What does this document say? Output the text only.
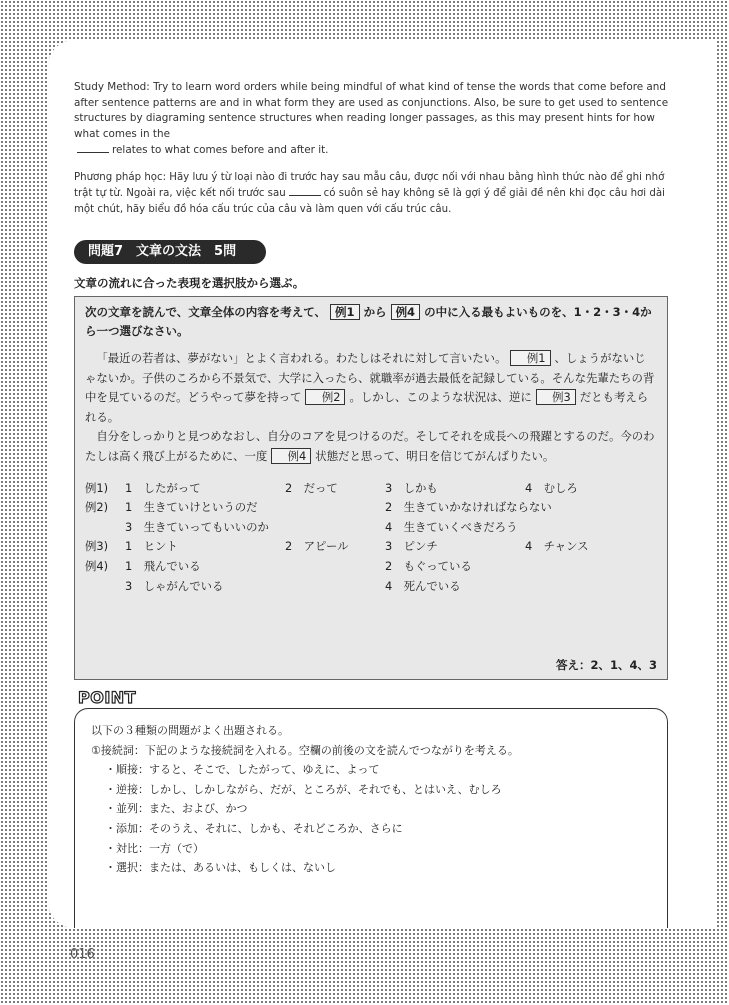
Study Method: Try to learn word orders while being mindful of what kind of tense the words that come before and after sentence patterns are and in what form they are used as conjunctions. Also, be sure to get used to sentence structures by diagraming sentence structures when reading longer passages, as this may present hints for how what comes in the
relates to what comes before and after it.

Phương pháp học: Hãy lưu ý từ loại nào đi trước hay sau mẫu câu, được nối với nhau bằng hình thức nào để ghi nhớ trật tự từ. Ngoài ra, việc kết nối trước sau	có suôn sẻ hay không sẽ là gợi ý để giải đề nên khi đọc câu hơi dài một chút, hãy biểu đồ hóa cấu trúc của câu và làm quen với cấu trúc câu.

問題7　文章の文法　5問

文章の流れに合った表現を選択肢から選ぶ。

次の文章を読んで、文章全体の内容を考えて、 例1 から 例4 の中に入る最もよいものを、1・2・3・4から一つ選びなさい。

「最近の若者は、夢がない」とよく言われる。わたしはそれに対して言いたい。 例1 、しょうがないじゃないか。子供のころから不景気で、大学に入ったら、就職率が過去最低を記録している。そんな先輩たちの背中を見ているのだ。どうやって夢を持って 例2 。しかし、このような状況は、逆に 例3 だとも考えられる。

自分をしっかりと見つめなおし、自分のコアを見つけるのだ。そしてそれを成長への飛躍とするのだ。今のわたしは高く飛び上がるために、一度 例4 状態だと思って、明日を信じてがんばりたい。

例1)	1　したがって	2　だって	3　しかも	4　むしろ
例2)	1　生きていけというのだ	2　生きていかなければならない
3　生きていってもいいのか	4　生きていくべきだろう
例3)	1　ヒント	2　アピール	3　ピンチ	4　チャンス
例4)	1　飛んでいる	2　もぐっている
3　しゃがんでいる	4　死んでいる
答え：2、1、4、3
POINT

以下の３種類の問題がよく出題される。

①接続詞：下記のような接続詞を入れる。空欄の前後の文を読んでつながりを考える。

・順接：すると、そこで、したがって、ゆえに、よって

・逆接：しかし、しかしながら、だが、ところが、それでも、とはいえ、むしろ

・並列：また、および、かつ

・添加：そのうえ、それに、しかも、それどころか、さらに

・対比：一方（で）

・選択：または、あるいは、もしくは、ないし

016
